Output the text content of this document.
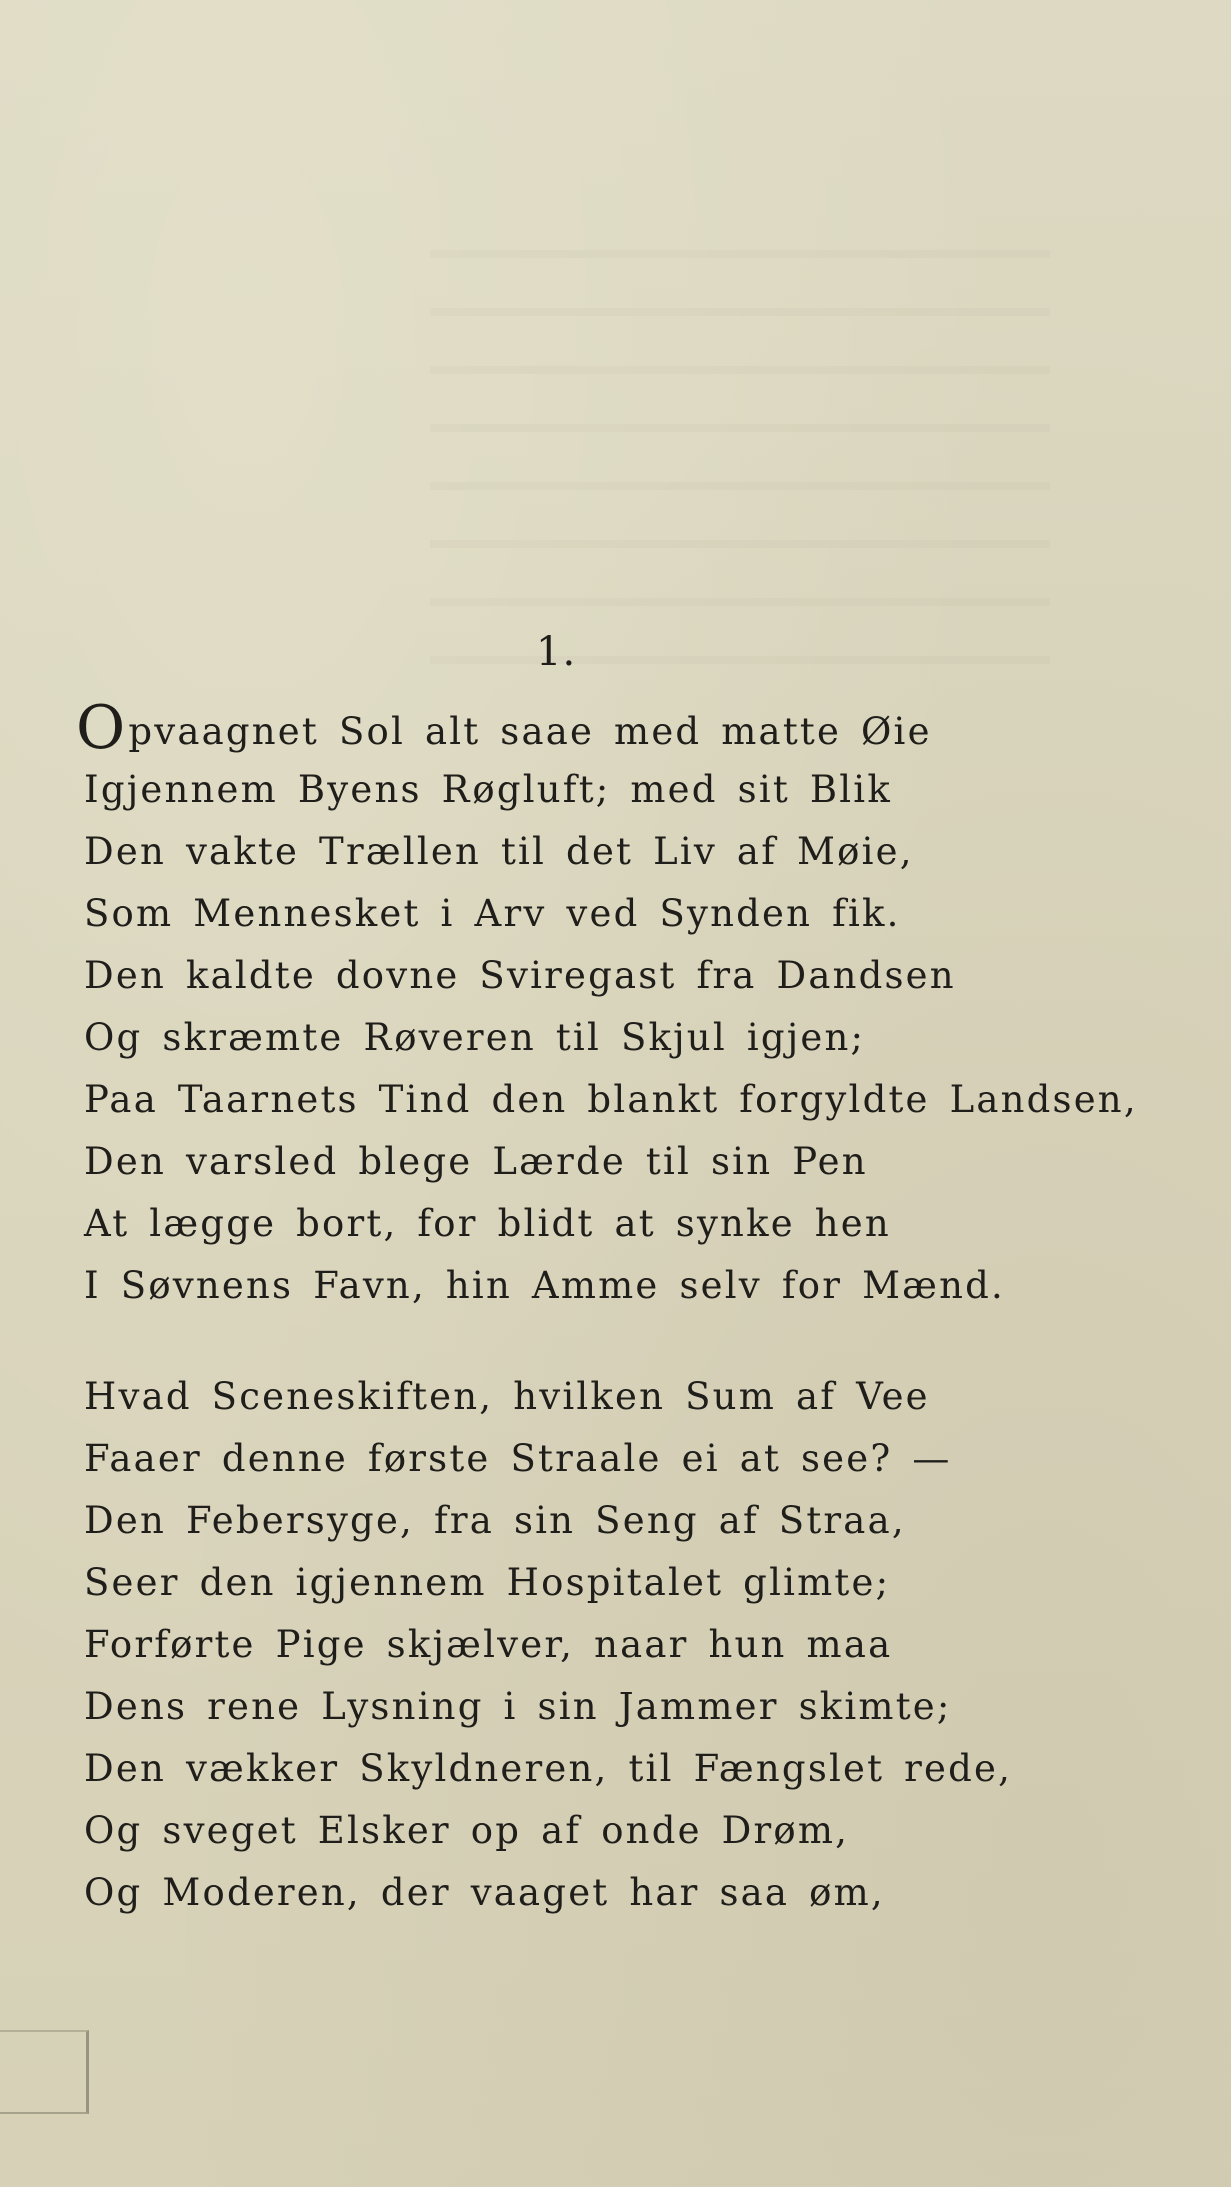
1.
Opvaagnet Sol alt saae med matte Øie
Igjennem Byens Røgluft; med sit Blik
Den vakte Trællen til det Liv af Møie,
Som Mennesket i Arv ved Synden fik.
Den kaldte dovne Sviregast fra Dandsen
Og skræmte Røveren til Skjul igjen;
Paa Taarnets Tind den blankt forgyldte Landsen,
Den varsled blege Lærde til sin Pen
At lægge bort, for blidt at synke hen
I Søvnens Favn, hin Amme selv for Mænd.
Hvad Sceneskiften, hvilken Sum af Vee
Faaer denne første Straale ei at see? —
Den Febersyge, fra sin Seng af Straa,
Seer den igjennem Hospitalet glimte;
Forførte Pige skjælver, naar hun maa
Dens rene Lysning i sin Jammer skimte;
Den vækker Skyldneren, til Fængslet rede,
Og sveget Elsker op af onde Drøm,
Og Moderen, der vaaget har saa øm,
